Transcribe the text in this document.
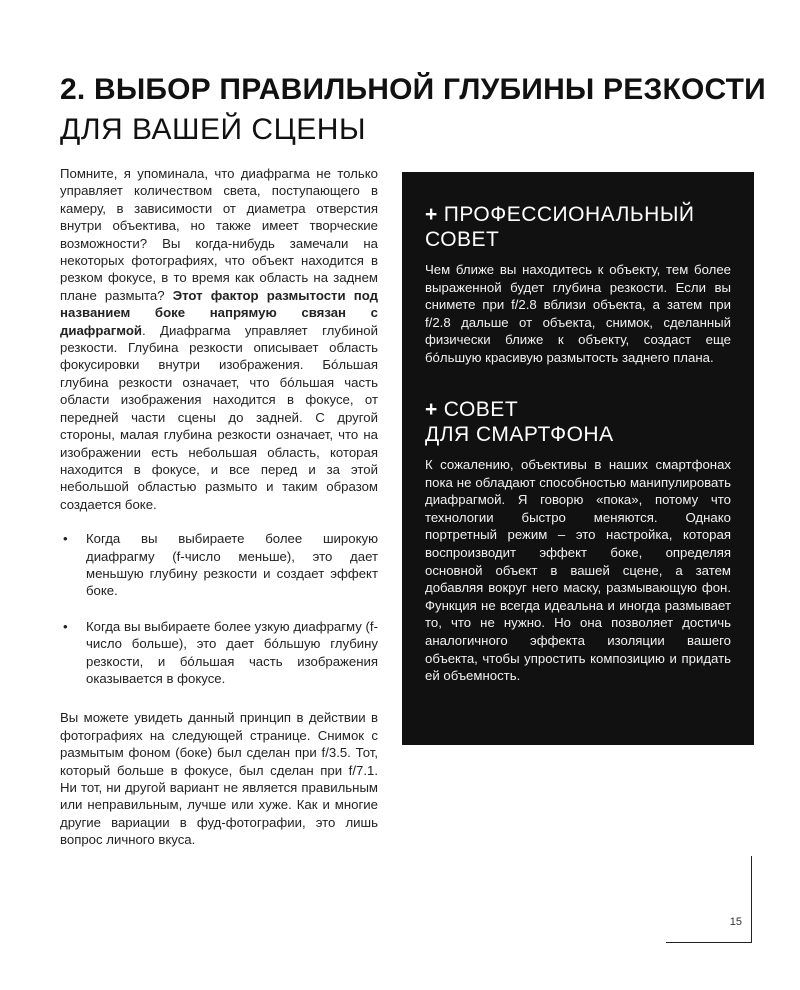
2. ВЫБОР ПРАВИЛЬНОЙ ГЛУБИНЫ РЕЗКОСТИ
ДЛЯ ВАШЕЙ СЦЕНЫ

Помните, я упоминала, что диафрагма не только управляет количеством света, поступающего в камеру, в зависимости от диаметра отверстия внутри объектива, но также имеет творческие возможности? Вы когда-нибудь замечали на некоторых фотографиях, что объект находится в резком фокусе, в то время как область на заднем плане размыта? Этот фактор размытости под названием боке напрямую связан с диафрагмой. Диафрагма управляет глубиной резкости. Глубина резкости описывает область фокусировки внутри изображения. Бóльшая глубина резкости означает, что бóльшая часть области изображения находится в фокусе, от передней части сцены до задней. С другой стороны, малая глубина резкости означает, что на изображении есть небольшая область, которая находится в фокусе, и все перед и за этой небольшой областью размыто и таким образом создается боке.

• Когда вы выбираете более широкую диафрагму (f-число меньше), это дает меньшую глубину резкости и создает эффект боке.
• Когда вы выбираете более узкую диафрагму (f-число больше), это дает бóльшую глубину резкости, и бóльшая часть изображения оказывается в фокусе.

Вы можете увидеть данный принцип в действии в фотографиях на следующей странице. Снимок с размытым фоном (боке) был сделан при f/3.5. Тот, который больше в фокусе, был сделан при f/7.1. Ни тот, ни другой вариант не является правильным или неправильным, лучше или хуже. Как и многие другие вариации в фуд-фотографии, это лишь вопрос личного вкуса.

+ ПРОФЕССИОНАЛЬНЫЙ
СОВЕТ
Чем ближе вы находитесь к объекту, тем более выраженной будет глубина резкости. Если вы снимете при f/2.8 вблизи объекта, а затем при f/2.8 дальше от объекта, снимок, сделанный физически ближе к объекту, создаст еще бóльшую красивую размытость заднего плана.
+ СОВЕТ
ДЛЯ СМАРТФОНА
К сожалению, объективы в наших смартфонах пока не обладают способностью манипулировать диафрагмой. Я говорю «пока», потому что технологии быстро меняются. Однако портретный режим – это настройка, которая воспроизводит эффект боке, определяя основной объект в вашей сцене, а затем добавляя вокруг него маску, размывающую фон. Функция не всегда идеальна и иногда размывает то, что не нужно. Но она позволяет достичь аналогичного эффекта изоляции вашего объекта, чтобы упростить композицию и придать ей объемность.
15
